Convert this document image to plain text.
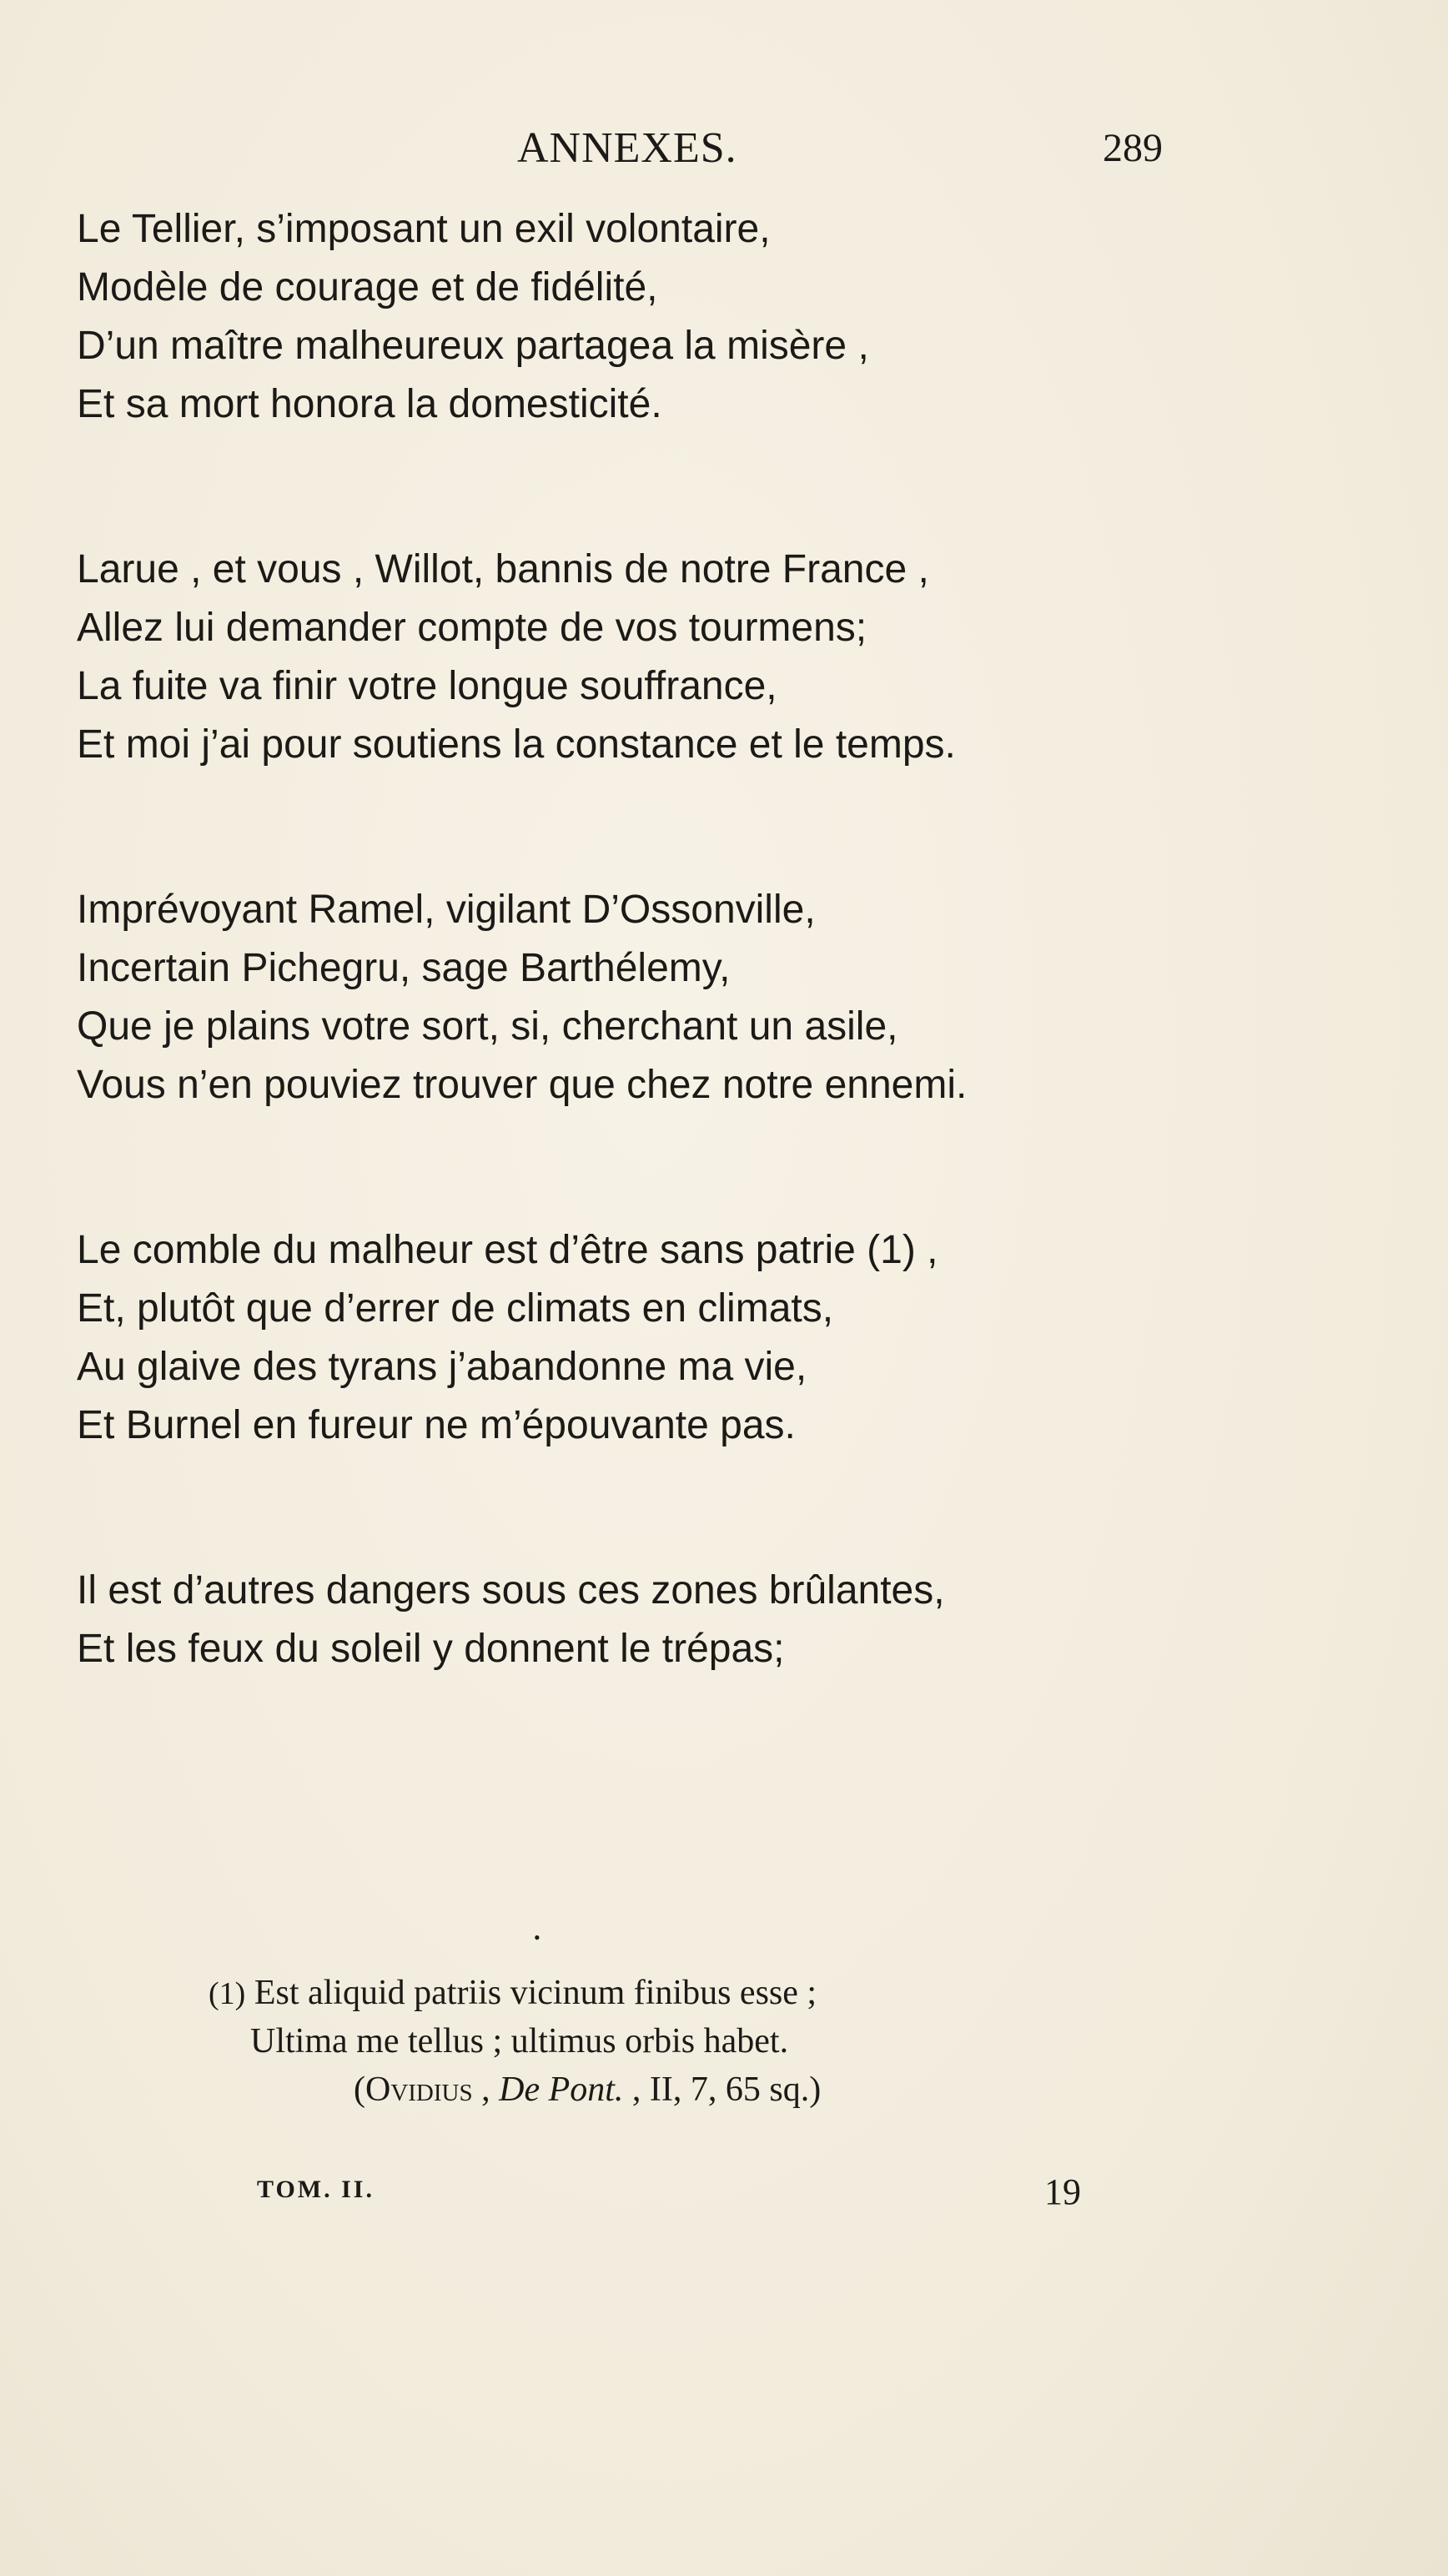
ANNEXES.	289
Le Tellier, s’imposant un exil volontaire,
Modèle de courage et de fidélité,
D’un maître malheureux partagea la misère ,
Et sa mort honora la domesticité.
Larue , et vous , Willot, bannis de notre France ,
Allez lui demander compte de vos tourmens;
La fuite va finir votre longue souffrance,
Et moi j’ai pour soutiens la constance et le temps.
Imprévoyant Ramel, vigilant D’Ossonville,
Incertain Pichegru, sage Barthélemy,
Que je plains votre sort, si, cherchant un asile,
Vous n’en pouviez trouver que chez notre ennemi.
Le comble du malheur est d’être sans patrie (1) ,
Et, plutôt que d’errer de climats en climats,
Au glaive des tyrans j’abandonne ma vie,
Et Burnel en fureur ne m’épouvante pas.
Il est d’autres dangers sous ces zones brûlantes,
Et les feux du soleil y donnent le trépas;
•
(1) Est aliquid patriis vicinum finibus esse ;
Ultima me tellus ; ultimus orbis habet.
(Ovidius , De Pont. , II, 7, 65 sq.)
TOM. II.	19
